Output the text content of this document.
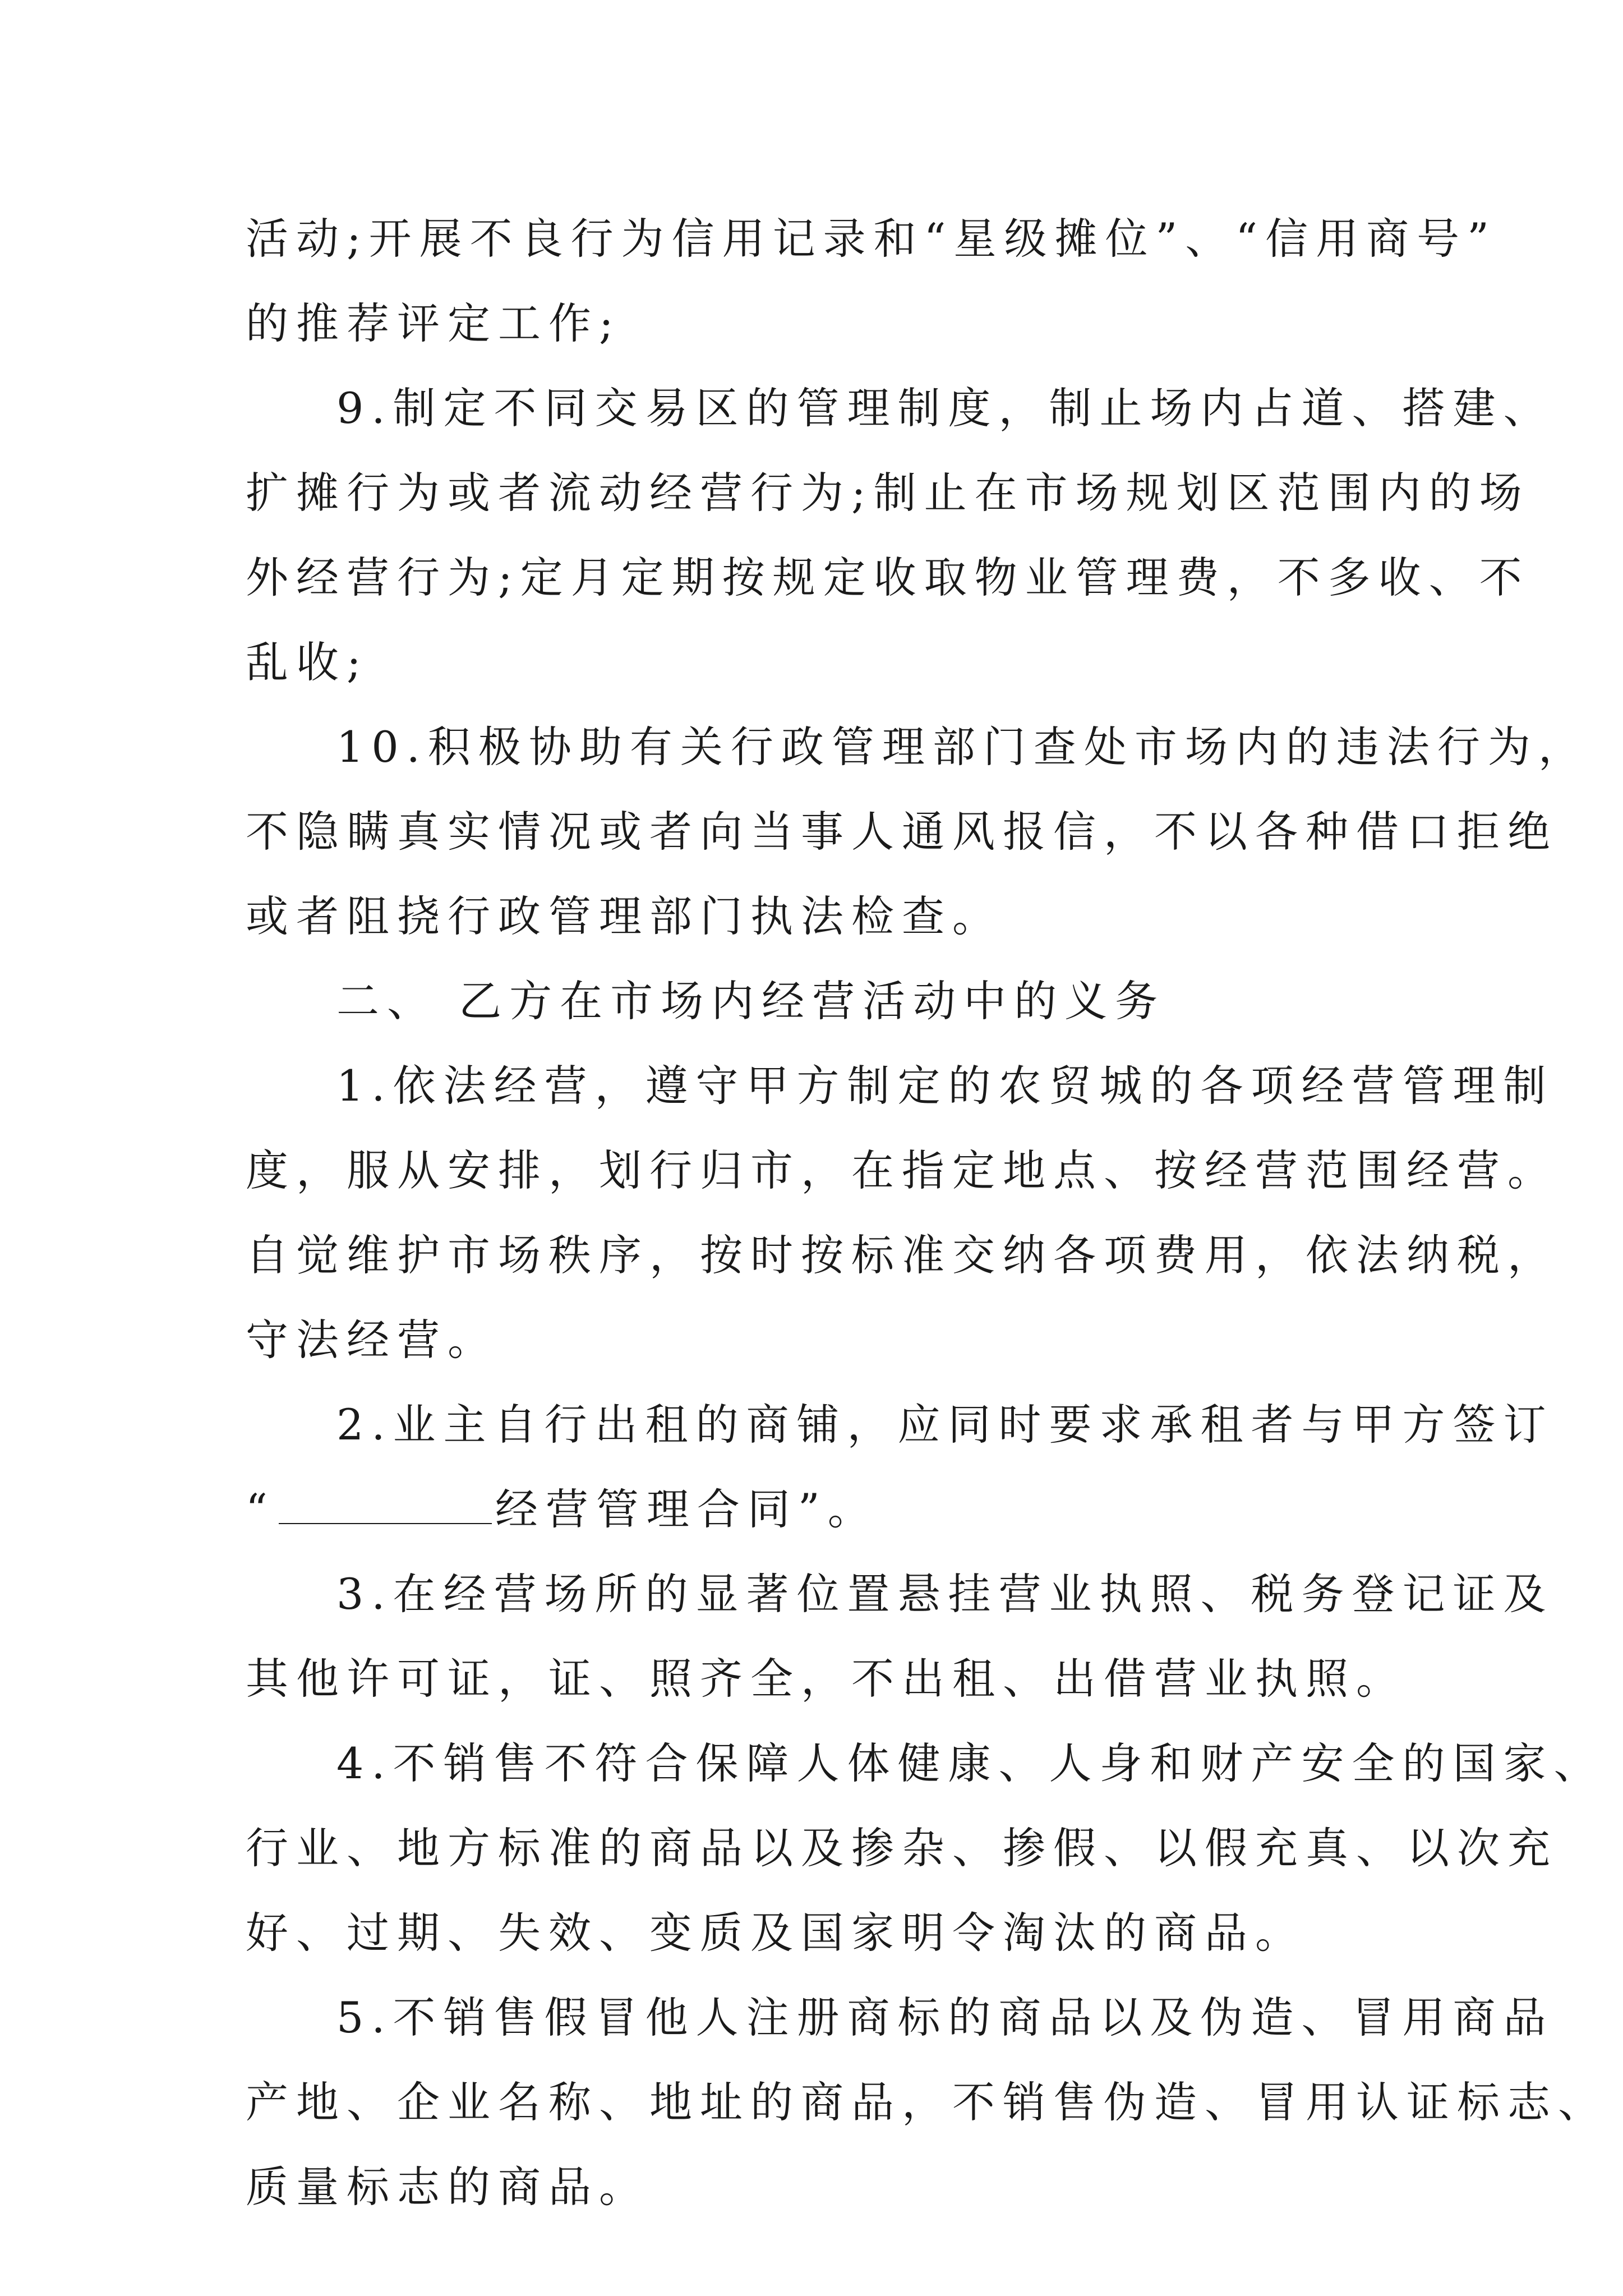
活动;开展不良行为信用记录和“星级摊位”、“信用商号”
的推荐评定工作;
9.制定不同交易区的管理制度，制止场内占道、搭建、
扩摊行为或者流动经营行为;制止在市场规划区范围内的场
外经营行为;定月定期按规定收取物业管理费，不多收、不
乱收;
10.积极协助有关行政管理部门查处市场内的违法行为，
不隐瞒真实情况或者向当事人通风报信，不以各种借口拒绝
或者阻挠行政管理部门执法检查。
二、 乙方在市场内经营活动中的义务
1.依法经营，遵守甲方制定的农贸城的各项经营管理制
度，服从安排，划行归市，在指定地点、按经营范围经营。
自觉维护市场秩序，按时按标准交纳各项费用，依法纳税，
守法经营。
2.业主自行出租的商铺，应同时要求承租者与甲方签订
“	经营管理合同”。
3.在经营场所的显著位置悬挂营业执照、税务登记证及
其他许可证，证、照齐全，不出租、出借营业执照。
4.不销售不符合保障人体健康、人身和财产安全的国家、
行业、地方标准的商品以及掺杂、掺假、以假充真、以次充
好、过期、失效、变质及国家明令淘汰的商品。
5.不销售假冒他人注册商标的商品以及伪造、冒用商品
产地、企业名称、地址的商品，不销售伪造、冒用认证标志、
质量标志的商品。
